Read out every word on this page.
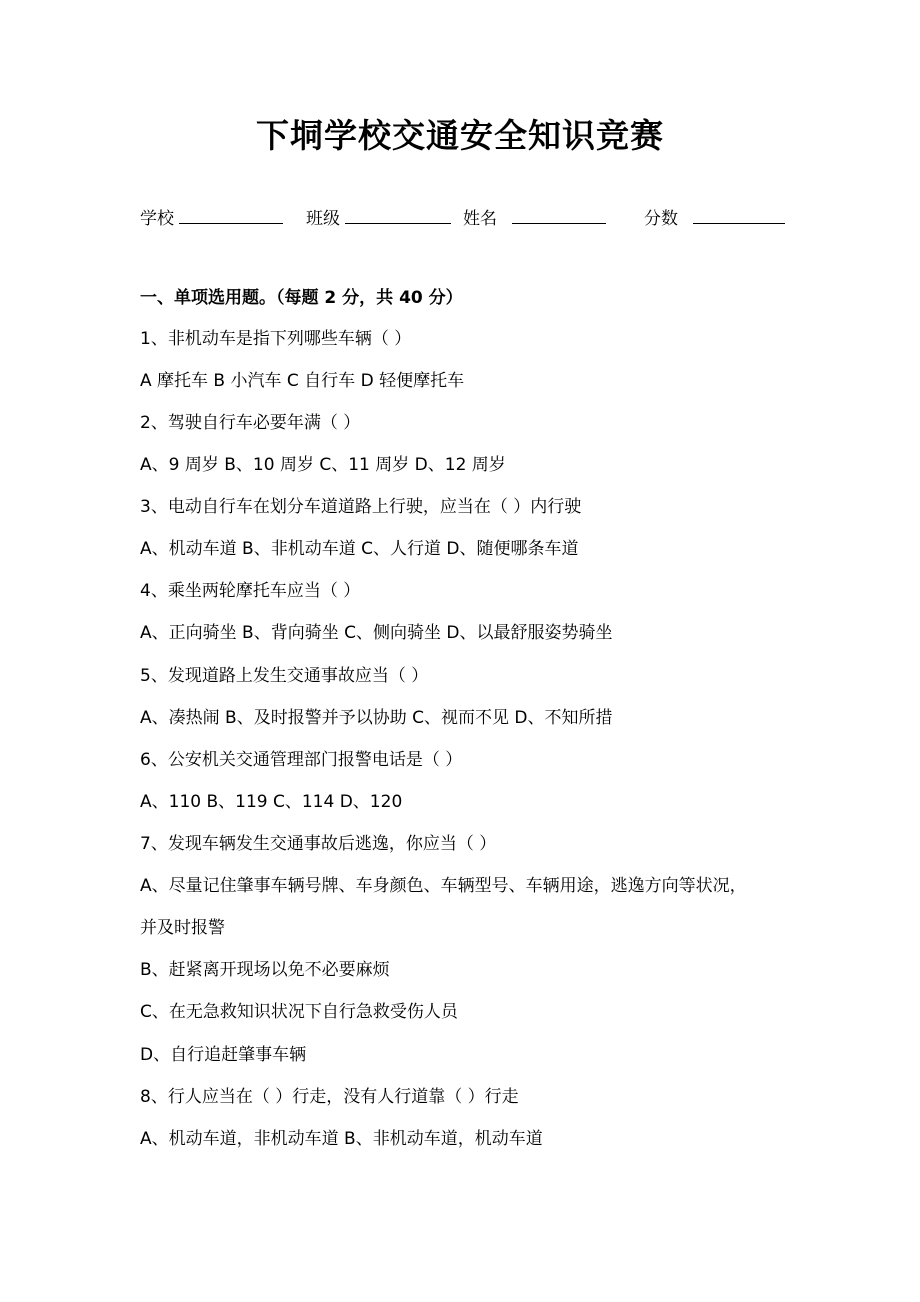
下垌学校交通安全知识竞赛
学校	班级	姓名	分数
一、单项选用题。（每题 2 分，共 40 分）
1、非机动车是指下列哪些车辆（ ）
A 摩托车 B 小汽车 C 自行车 D 轻便摩托车
2、驾驶自行车必要年满（ ）
A、9 周岁 B、10 周岁 C、11 周岁 D、12 周岁
3、电动自行车在划分车道道路上行驶，应当在（ ）内行驶
A、机动车道 B、非机动车道 C、人行道 D、随便哪条车道
4、乘坐两轮摩托车应当（ ）
A、正向骑坐 B、背向骑坐 C、侧向骑坐 D、以最舒服姿势骑坐
5、发现道路上发生交通事故应当（ ）
A、凑热闹 B、及时报警并予以协助 C、视而不见 D、不知所措
6、公安机关交通管理部门报警电话是（ ）
A、110 B、119 C、114 D、120
7、发现车辆发生交通事故后逃逸，你应当（ ）
A、尽量记住肇事车辆号牌、车身颜色、车辆型号、车辆用途，逃逸方向等状况，
并及时报警
B、赶紧离开现场以免不必要麻烦
C、在无急救知识状况下自行急救受伤人员
D、自行追赶肇事车辆
8、行人应当在（ ）行走，没有人行道靠（ ）行走
A、机动车道，非机动车道 B、非机动车道，机动车道
